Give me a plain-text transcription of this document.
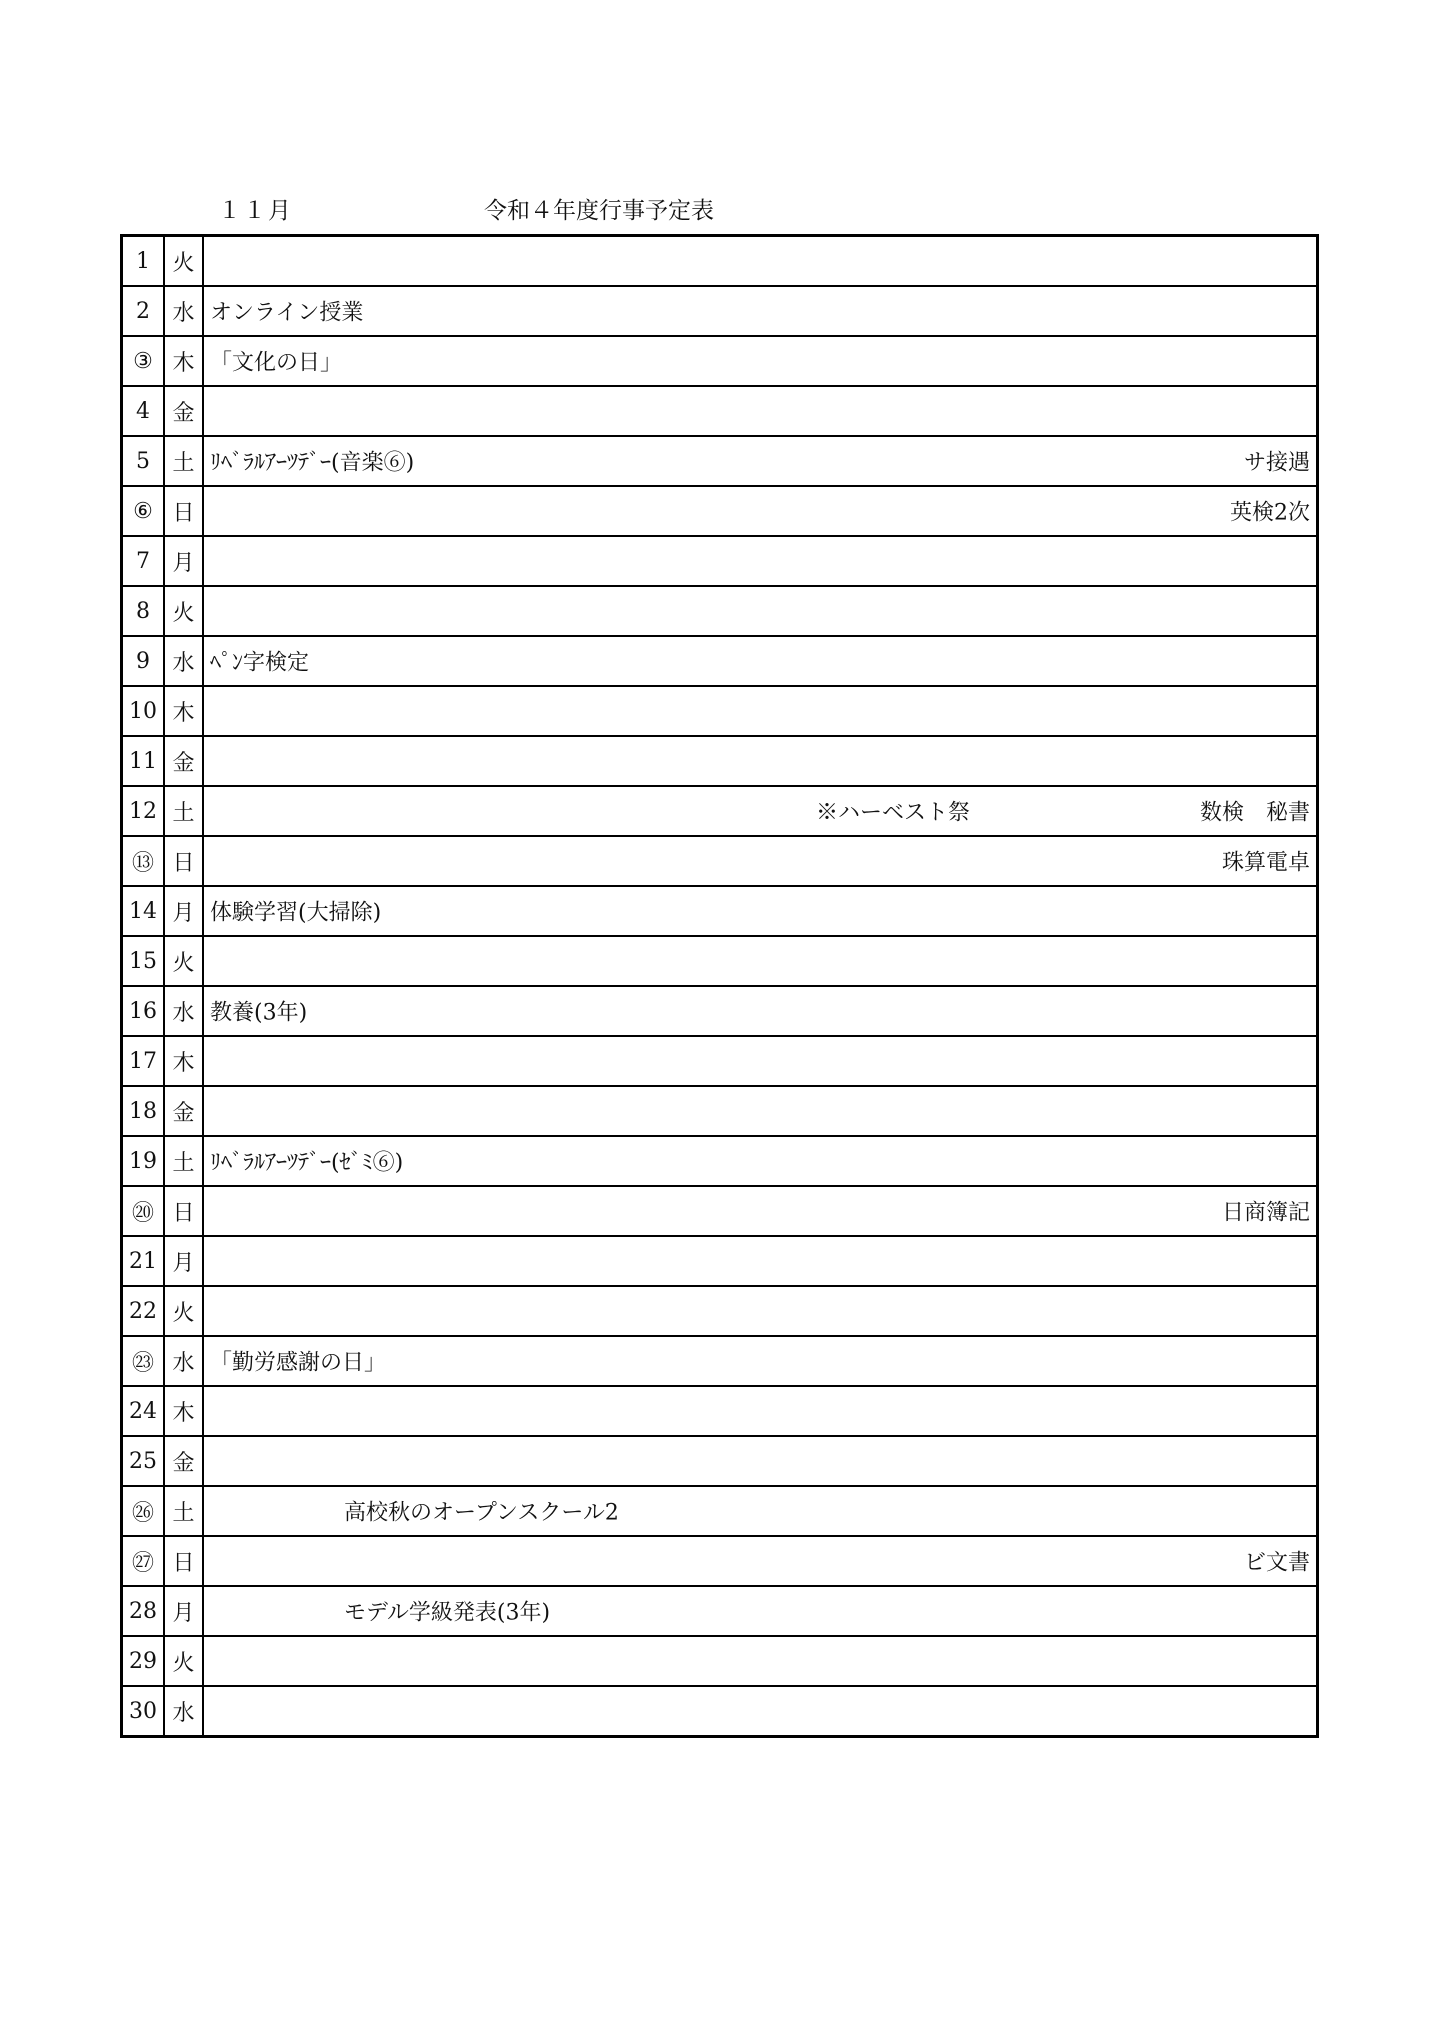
１１月	令和４年度行事予定表
1	火	
2	水	オンライン授業

③	木	「文化の日」

4	金	
5	土	ﾘﾍﾞﾗﾙｱｰﾂﾃﾞｰ(音楽⑥) サ接遇

⑥	日	英検2次

7	月	
8	火	
9	水	ﾍﾟﾝ字検定

10	木	
11	金	
12	土	※ハーベスト祭 数検　秘書

⑬	日	珠算電卓

14	月	体験学習(大掃除)

15	火	
16	水	教養(3年)

17	木	
18	金	
19	土	ﾘﾍﾞﾗﾙｱｰﾂﾃﾞｰ(ｾﾞﾐ⑥)

⑳	日	日商簿記

21	月	
22	火	
㉓	水	「勤労感謝の日」

24	木	
25	金	
㉖	土	高校秋のオープンスクール2

㉗	日	ビ文書

28	月	モデル学級発表(3年)

29	火	
30	水	
